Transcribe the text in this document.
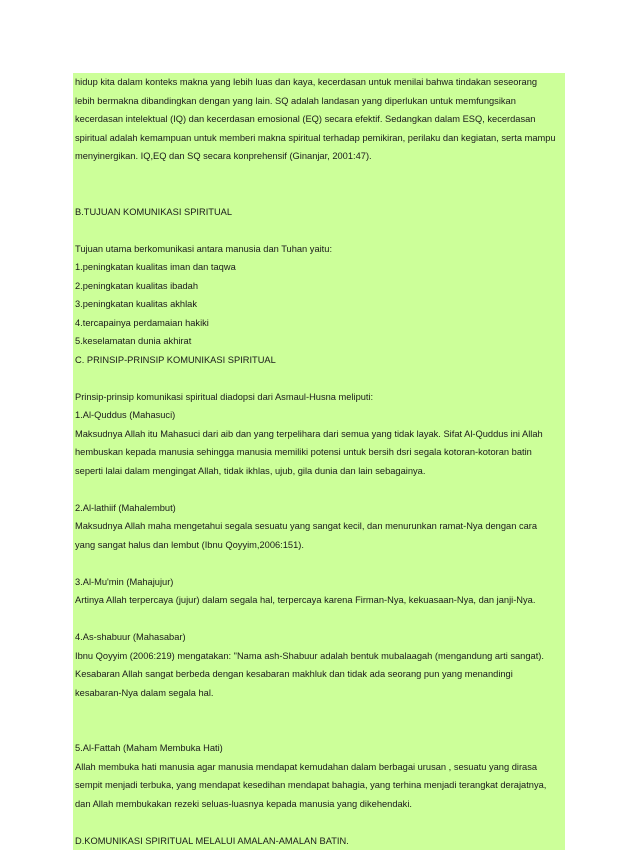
hidup kita dalam konteks makna yang lebih luas dan kaya, kecerdasan untuk menilai bahwa tindakan seseorang
lebih bermakna dibandingkan dengan yang lain. SQ adalah landasan yang diperlukan untuk memfungsikan
kecerdasan intelektual (IQ) dan kecerdasan emosional (EQ) secara efektif. Sedangkan dalam ESQ, kecerdasan
spiritual adalah kemampuan untuk memberi makna spiritual terhadap pemikiran, perilaku dan kegiatan, serta mampu
menyinergikan. IQ,EQ dan SQ secara konprehensif (Ginanjar, 2001:47).
B.TUJUAN KOMUNIKASI SPIRITUAL
Tujuan utama berkomunikasi antara manusia dan Tuhan yaitu:
1.peningkatan kualitas iman dan taqwa
2.peningkatan kualitas ibadah
3.peningkatan kualitas akhlak
4.tercapainya perdamaian hakiki
5.keselamatan dunia akhirat
C. PRINSIP-PRINSIP KOMUNIKASI SPIRITUAL
Prinsip-prinsip komunikasi spiritual diadopsi dari Asmaul-Husna meliputi:
1.Al-Quddus (Mahasuci)
Maksudnya Allah itu Mahasuci dari aib dan yang terpelihara dari semua yang tidak layak. Sifat Al-Quddus ini Allah
hembuskan kepada manusia sehingga manusia memiliki potensi untuk bersih dsri segala kotoran-kotoran batin
seperti lalai dalam mengingat Allah, tidak ikhlas, ujub, gila dunia dan lain sebagainya.
2.Al-lathiif (Mahalembut)
Maksudnya Allah maha mengetahui segala sesuatu yang sangat kecil, dan menurunkan ramat-Nya dengan cara
yang sangat halus dan lembut (Ibnu Qoyyim,2006:151).
3.Al-Mu'min (Mahajujur)
Artinya Allah terpercaya (jujur) dalam segala hal, terpercaya karena Firman-Nya, kekuasaan-Nya, dan janji-Nya.
4.As-shabuur (Mahasabar)
Ibnu Qoyyim (2006:219) mengatakan: "Nama ash-Shabuur adalah bentuk mubalaagah (mengandung arti sangat).
Kesabaran Allah sangat berbeda dengan kesabaran makhluk dan tidak ada seorang pun yang menandingi
kesabaran-Nya dalam segala hal.
5.Al-Fattah (Maham Membuka Hati)
Allah membuka hati manusia agar manusia mendapat kemudahan dalam berbagai urusan , sesuatu yang dirasa
sempit menjadi terbuka, yang mendapat kesedihan mendapat bahagia, yang terhina menjadi terangkat derajatnya,
dan Allah membukakan rezeki seluas-luasnya kepada manusia yang dikehendaki.
D.KOMUNIKASI SPIRITUAL MELALUI AMALAN-AMALAN BATIN.
